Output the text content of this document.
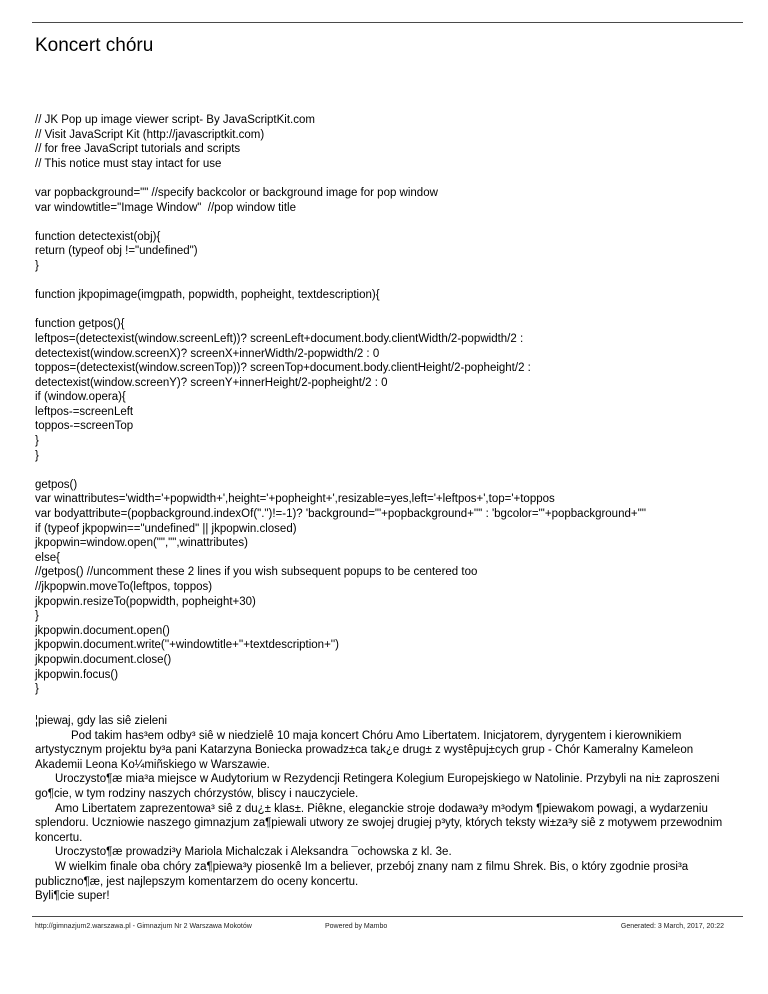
Koncert chóru
// JK Pop up image viewer script- By JavaScriptKit.com
// Visit JavaScript Kit (http://javascriptkit.com)
// for free JavaScript tutorials and scripts
// This notice must stay intact for use
var popbackground="" //specify backcolor or background image for pop window
var windowtitle="Image Window"  //pop window title
function detectexist(obj){
return (typeof obj !="undefined")
}
function jkpopimage(imgpath, popwidth, popheight, textdescription){
function getpos(){
leftpos=(detectexist(window.screenLeft))? screenLeft+document.body.clientWidth/2-popwidth/2 :
detectexist(window.screenX)? screenX+innerWidth/2-popwidth/2 : 0
toppos=(detectexist(window.screenTop))? screenTop+document.body.clientHeight/2-popheight/2 :
detectexist(window.screenY)? screenY+innerHeight/2-popheight/2 : 0
if (window.opera){
leftpos-=screenLeft
toppos-=screenTop
}
}
getpos()
var winattributes='width='+popwidth+',height='+popheight+',resizable=yes,left='+leftpos+',top='+toppos
var bodyattribute=(popbackground.indexOf(".")!=-1)? 'background="'+popbackground+'"' : 'bgcolor="'+popbackground+'"'
if (typeof jkpopwin=="undefined" || jkpopwin.closed)
jkpopwin=window.open("","",winattributes)
else{
//getpos() //uncomment these 2 lines if you wish subsequent popups to be centered too
//jkpopwin.moveTo(leftpos, toppos)
jkpopwin.resizeTo(popwidth, popheight+30)
}
jkpopwin.document.open()
jkpopwin.document.write(''+windowtitle+''+textdescription+'')
jkpopwin.document.close()
jkpopwin.focus()
}

¦piewaj, gdy las siê zieleni

Pod takim has³em odby³ siê w niedzielê 10 maja koncert Chóru Amo Libertatem. Inicjatorem, dyrygentem i kierownikiem artystycznym projektu by³a pani Katarzyna Boniecka prowadz±ca tak¿e drug± z wystêpuj±cych grup - Chór Kameralny Kameleon Akademii Leona Ko¼miñskiego w Warszawie.

Uroczysto¶æ mia³a miejsce w Audytorium w Rezydencji Retingera Kolegium Europejskiego w Natolinie. Przybyli na ni± zaproszeni go¶cie, w tym rodziny naszych chórzystów, bliscy i nauczyciele.

Amo Libertatem zaprezentowa³ siê z du¿± klas±. Piêkne, eleganckie stroje dodawa³y m³odym ¶piewakom powagi, a wydarzeniu splendoru. Uczniowie naszego gimnazjum za¶piewali utwory ze swojej drugiej p³yty, których teksty wi±za³y siê z motywem przewodnim koncertu.

Uroczysto¶æ prowadzi³y Mariola Michalczak i Aleksandra ¯ochowska z kl. 3e.

W wielkim finale oba chóry za¶piewa³y piosenkê Im a believer, przebój znany nam z filmu Shrek. Bis, o który zgodnie prosi³a publiczno¶æ, jest najlepszym komentarzem do oceny koncertu.

Byli¶cie super!

http://gimnazjum2.warszawa.pl - Gimnazjum Nr 2 Warszawa Mokotów	Powered by Mambo	Generated: 3 March, 2017, 20:22
